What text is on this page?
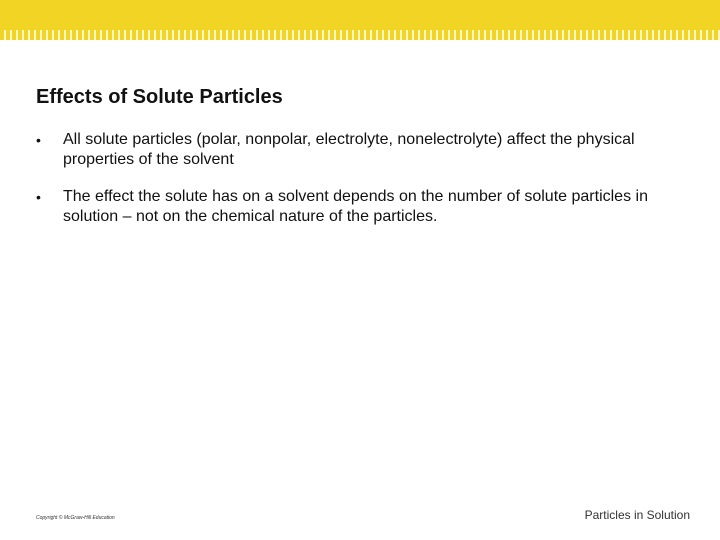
Effects of Solute Particles
• All solute particles (polar, nonpolar, electrolyte, nonelectrolyte) affect the physical properties of the solvent
• The effect the solute has on a solvent depends on the number of solute particles in solution – not on the chemical nature of the particles.
Copyright © McGraw-Hill Education	Particles in Solution
